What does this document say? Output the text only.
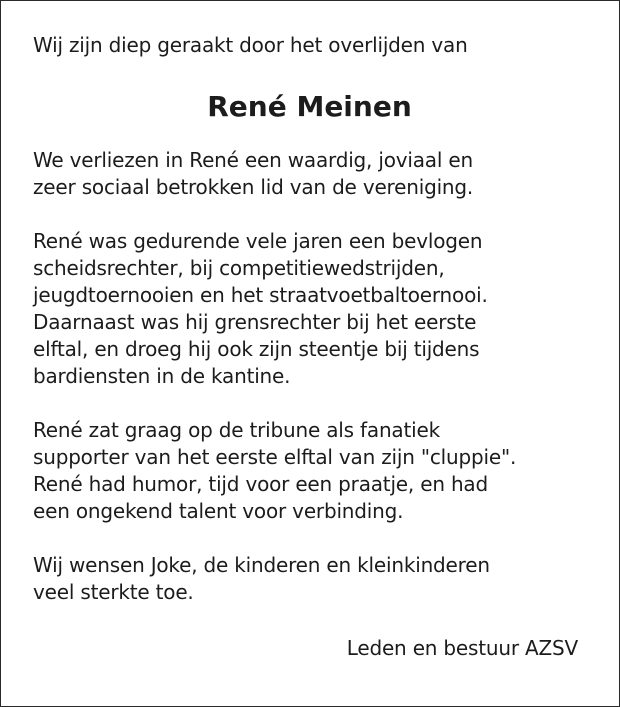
Wij zijn diep geraakt door het overlijden van

René Meinen

We verliezen in René een waardig, joviaal en
zeer sociaal betrokken lid van de vereniging.

René was gedurende vele jaren een bevlogen
scheidsrechter, bij competitiewedstrijden,
jeugdtoernooien en het straatvoetbaltoernooi.
Daarnaast was hij grensrechter bij het eerste
elftal, en droeg hij ook zijn steentje bij tijdens
bardiensten in de kantine.

René zat graag op de tribune als fanatiek
supporter van het eerste elftal van zijn "cluppie".
René had humor, tijd voor een praatje, en had
een ongekend talent voor verbinding.

Wij wensen Joke, de kinderen en kleinkinderen
veel sterkte toe.

Leden en bestuur AZSV
